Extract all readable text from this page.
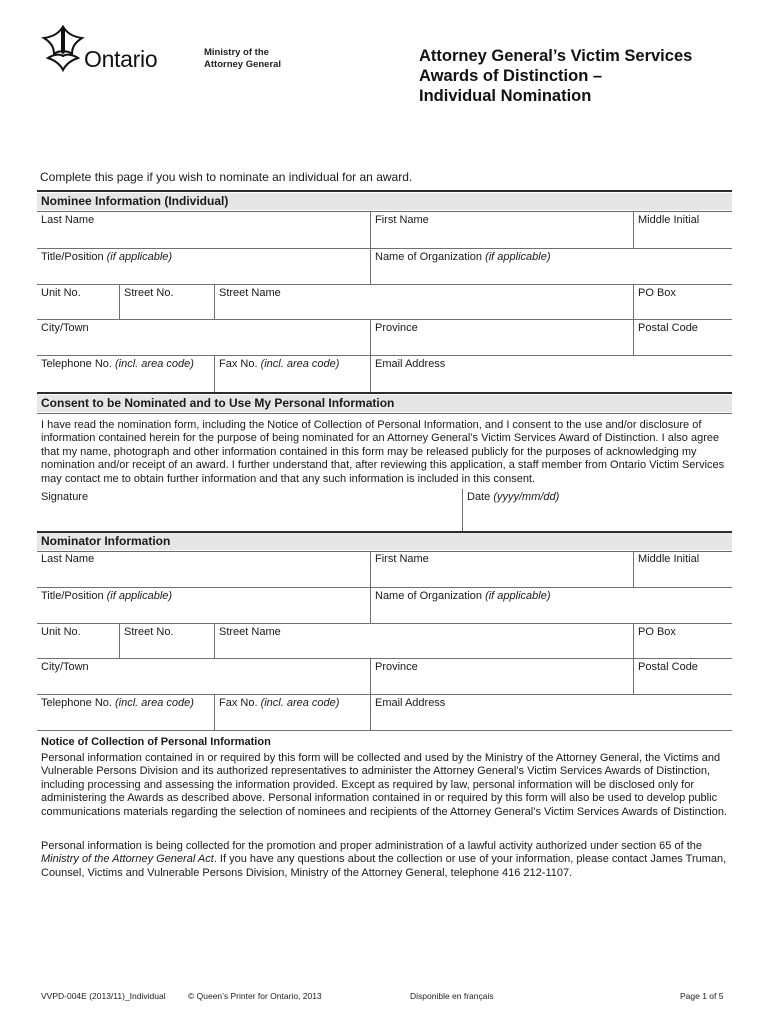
Ontario	Ministry of the
Attorney General	Attorney General’s Victim Services
Awards of Distinction –
Individual Nomination
Complete this page if you wish to nominate an individual for an award.
Nominee Information (Individual)
Last Name	First Name	Middle Initial
Title/Position (if applicable)	Name of Organization (if applicable)
Unit No.	Street No.	Street Name	PO Box
City/Town	Province	Postal Code
Telephone No. (incl. area code)	Fax No. (incl. area code)	Email Address
Consent to be Nominated and to Use My Personal Information
I have read the nomination form, including the Notice of Collection of Personal Information, and I consent to the use and/or disclosure of information contained herein for the purpose of being nominated for an Attorney General’s Victim Services Award of Distinction. I also agree that my name, photograph and other information contained in this form may be released publicly for the purposes of acknowledging my nomination and/or receipt of an award. I further understand that, after reviewing this application, a staff member from Ontario Victim Services may contact me to obtain further information and that any such information is included in this consent.
Signature	Date (yyyy/mm/dd)
Nominator Information
Last Name	First Name	Middle Initial
Title/Position (if applicable)	Name of Organization (if applicable)
Unit No.	Street No.	Street Name	PO Box
City/Town	Province	Postal Code
Telephone No. (incl. area code)	Fax No. (incl. area code)	Email Address
Notice of Collection of Personal Information
Personal information contained in or required by this form will be collected and used by the Ministry of the Attorney General, the Victims and Vulnerable Persons Division and its authorized representatives to administer the Attorney General’s Victim Services Awards of Distinction, including processing and assessing the information provided. Except as required by law, personal information will be disclosed only for administering the Awards as described above. Personal information contained in or required by this form will also be used to develop public communications materials regarding the selection of nominees and recipients of the Attorney General’s Victim Services Awards of Distinction.
Personal information is being collected for the promotion and proper administration of a lawful activity authorized under section 65 of the Ministry of the Attorney General Act. If you have any questions about the collection or use of your information, please contact James Truman, Counsel, Victims and Vulnerable Persons Division, Ministry of the Attorney General, telephone 416 212-1107.
VVPD-004E (2013/11)_Individual	© Queen’s Printer for Ontario, 2013	Disponible en français	Page 1 of 5
